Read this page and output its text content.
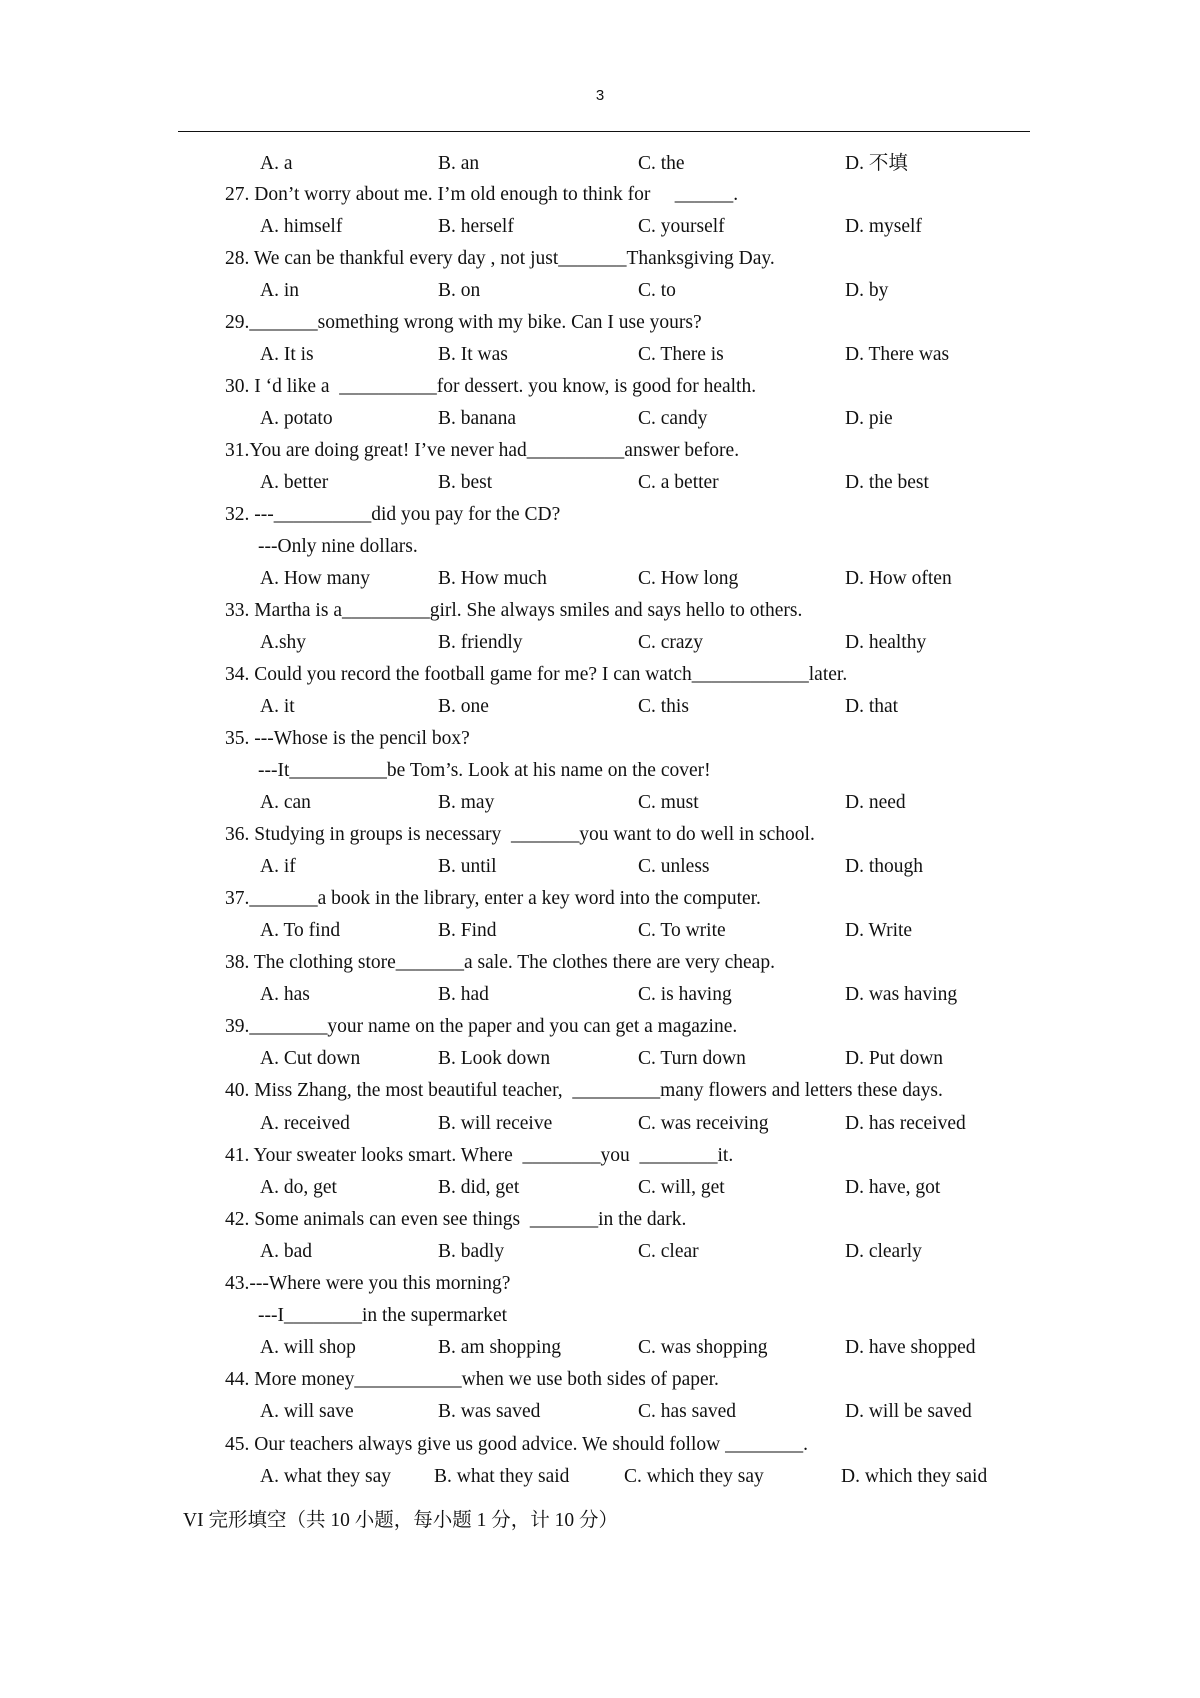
3
A. a	B. an	C. the	D. 不填
27. Don’t worry about me. I’m old enough to think for     ______.
A. himself	B. herself	C. yourself	D. myself
28. We can be thankful every day , not just_______Thanksgiving Day.
A. in	B. on	C. to	D. by
29._______something wrong with my bike. Can I use yours?
A. It is	B. It was	C. There is	D. There was
30. I ‘d like a  __________for dessert. you know, is good for health.
A. potato	B. banana	C. candy	D. pie
31.You are doing great! I’ve never had__________answer before.
A. better	B. best	C. a better	D. the best
32. ---__________did you pay for the CD?
---Only nine dollars.
A. How many	B. How much	C. How long	D. How often
33. Martha is a_________girl. She always smiles and says hello to others.
A.shy	B. friendly	C. crazy	D. healthy
34. Could you record the football game for me? I can watch____________later.
A. it	B. one	C. this	D. that
35. ---Whose is the pencil box?
---It__________be Tom’s. Look at his name on the cover!
A. can	B. may	C. must	D. need
36. Studying in groups is necessary  _______you want to do well in school.
A. if	B. until	C. unless	D. though
37._______a book in the library, enter a key word into the computer.
A. To find	B. Find	C. To write	D. Write
38. The clothing store_______a sale. The clothes there are very cheap.
A. has	B. had	C. is having	D. was having
39.________your name on the paper and you can get a magazine.
A. Cut down	B. Look down	C. Turn down	D. Put down
40. Miss Zhang, the most beautiful teacher,  _________many flowers and letters these days.
A. received	B. will receive	C. was receiving	D. has received
41. Your sweater looks smart. Where  ________you  ________it.
A. do, get	B. did, get	C. will, get	D. have, got
42. Some animals can even see things  _______in the dark.
A. bad	B. badly	C. clear	D. clearly
43.---Where were you this morning?
---I________in the supermarket
A. will shop	B. am shopping	C. was shopping	D. have shopped
44. More money___________when we use both sides of paper.
A. will save	B. was saved	C. has saved	D. will be saved
45. Our teachers always give us good advice. We should follow ________.
A. what they say B. what they said	C. which they say	D. which they said
VI 完形填空（共 10 小题，每小题 1 分，计 10 分）
